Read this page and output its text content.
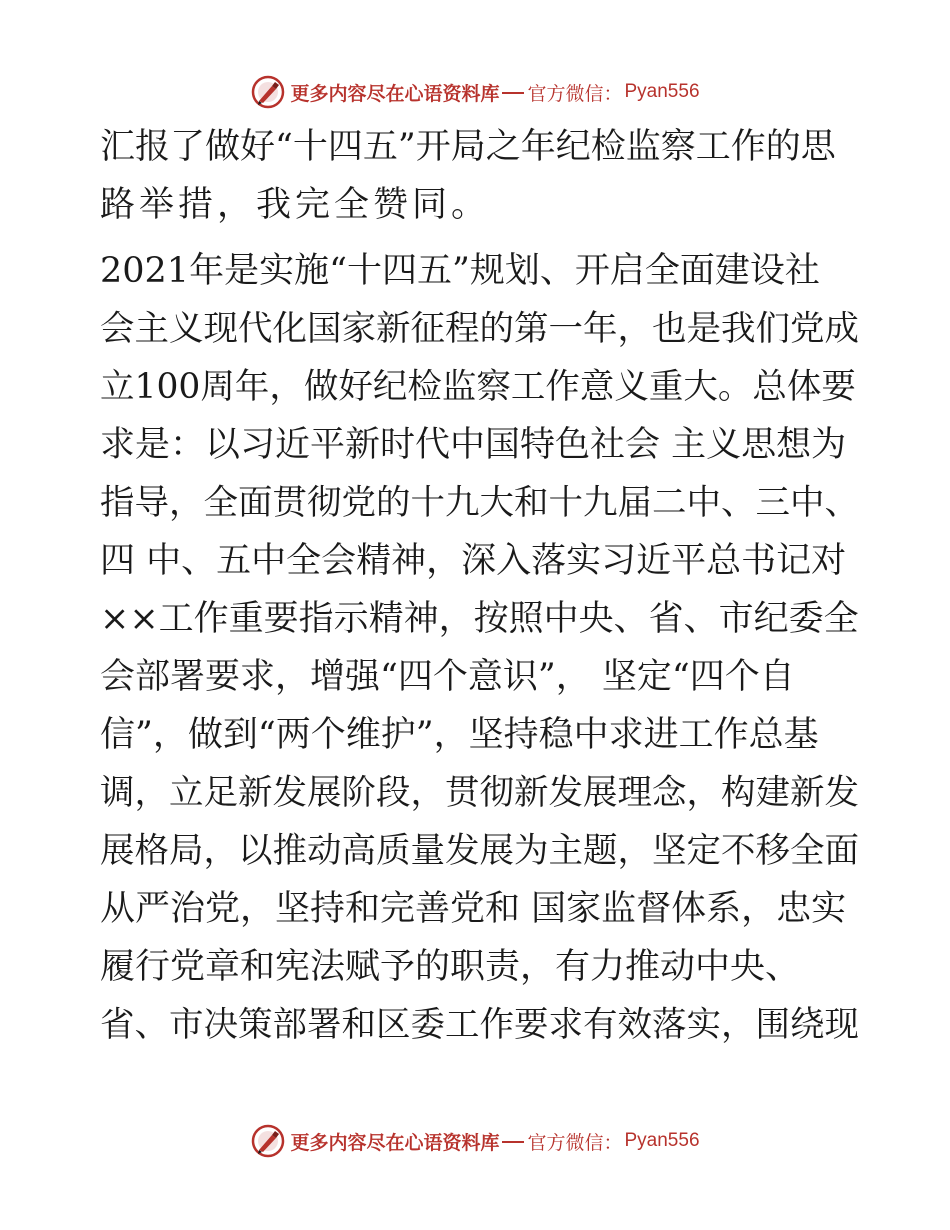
更多内容尽在心语资料库 官方微信： Pyan556
汇报了做好“十四五”开局之年纪检监察工作的思
路举措，我完全赞同。
2021年是实施“十四五”规划、开启全面建设社
会主义现代化国家新征程的第一年，也是我们党成
立100周年，做好纪检监察工作意义重大。总体要
求是：以习近平新时代中国特色社会 主义思想为
指导，全面贯彻党的十九大和十九届二中、三中、
四 中、五中全会精神，深入落实习近平总书记对
××工作重要指示精神，按照中央、省、市纪委全
会部署要求，增强“四个意识”， 坚定“四个自
信”，做到“两个维护”，坚持稳中求进工作总基
调，立足新发展阶段，贯彻新发展理念，构建新发
展格局，以推动高质量发展为主题，坚定不移全面
从严治党，坚持和完善党和 国家监督体系，忠实
履行党章和宪法赋予的职责，有力推动中央、
省、市决策部署和区委工作要求有效落实，围绕现
更多内容尽在心语资料库 官方微信： Pyan556
